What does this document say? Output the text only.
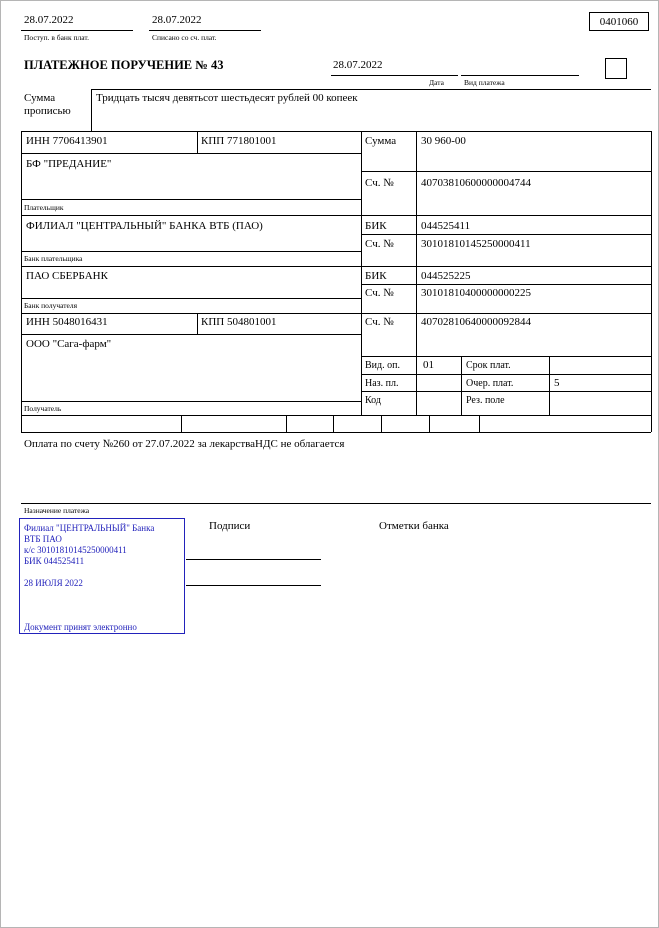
28.07.2022
Поступ. в банк плат.
28.07.2022
Списано со сч. плат.
0401060
ПЛАТЕЖНОЕ ПОРУЧЕНИЕ № 43	28.07.2022
Дата	Вид платежа
Сумма
прописью
Тридцать тысяч девятьсот шестьдесят рублей 00 копеек
ИНН 7706413901	КПП 771801001	Сумма 30 960-00
БФ "ПРЕДАНИЕ"
Сч. № 40703810600000004744
Плательщик
ФИЛИАЛ "ЦЕНТРАЛЬНЫЙ" БАНКА ВТБ (ПАО)	БИК	044525411
Сч. № 30101810145250000411
Банк плательщика
ПАО СБЕРБАНК	БИК	044525225
Сч. № 30101810400000000225
Банк получателя
ИНН 5048016431	КПП 504801001	Сч. № 40702810640000092844
ООО "Сага-фарм"
Вид. оп. 01	Срок плат.
Наз. пл.	Очер. плат.	5
Код	Рез. поле
Получатель
Оплата по счету №260 от 27.07.2022 за лекарстваНДС не облагается
Назначение платежа
Подписи	Отметки банка
Филиал "ЦЕНТРАЛЬНЫЙ" Банка
ВТБ ПАО
к/с 30101810145250000411
БИК 044525411
28 ИЮЛЯ 2022
Документ принят электронно
